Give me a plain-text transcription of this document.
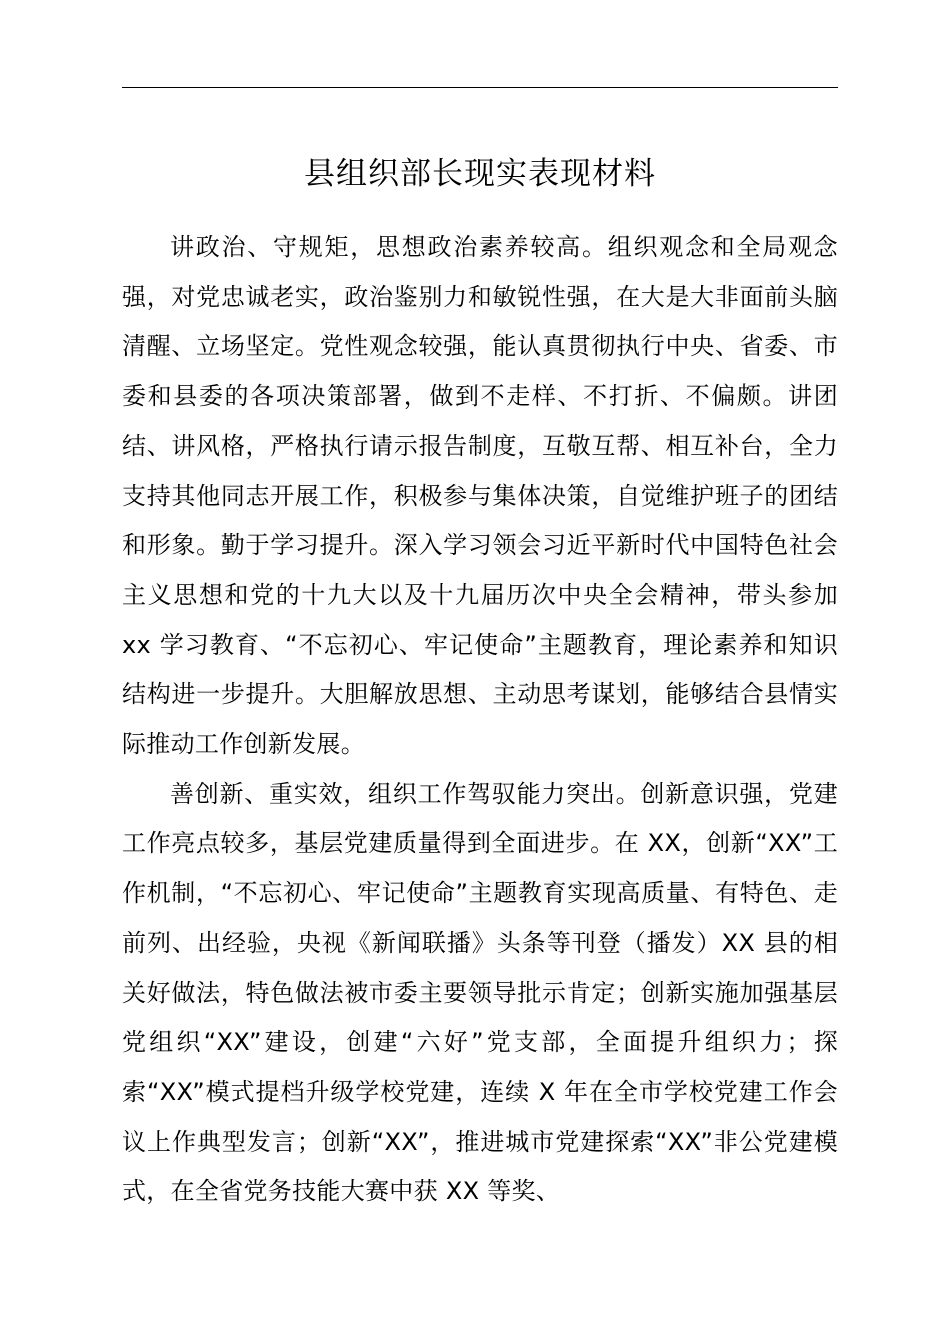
县组织部长现实表现材料

讲政治、守规矩，思想政治素养较高。组织观念和全局观念强，对党忠诚老实，政治鉴别力和敏锐性强，在大是大非面前头脑清醒、立场坚定。党性观念较强，能认真贯彻执行中央、省委、市委和县委的各项决策部署，做到不走样、不打折、不偏颇。讲团结、讲风格，严格执行请示报告制度，互敬互帮、相互补台，全力支持其他同志开展工作，积极参与集体决策，自觉维护班子的团结和形象。勤于学习提升。深入学习领会习近平新时代中国特色社会主义思想和党的十九大以及十九届历次中央全会精神，带头参加 xx 学习教育、“不忘初心、牢记使命”主题教育，理论素养和知识结构进一步提升。大胆解放思想、主动思考谋划，能够结合县情实际推动工作创新发展。

善创新、重实效，组织工作驾驭能力突出。创新意识强，党建工作亮点较多，基层党建质量得到全面进步。在 XX，创新“XX”工作机制，“不忘初心、牢记使命”主题教育实现高质量、有特色、走前列、出经验，央视《新闻联播》头条等刊登（播发）XX 县的相关好做法，特色做法被市委主要领导批示肯定；创新实施加强基层党组织“XX”建设，创建“六好”党支部，全面提升组织力；探索“XX”模式提档升级学校党建，连续 X 年在全市学校党建工作会议上作典型发言；创新“XX”，推进城市党建探索“XX”非公党建模式，在全省党务技能大赛中获 XX 等奖、
